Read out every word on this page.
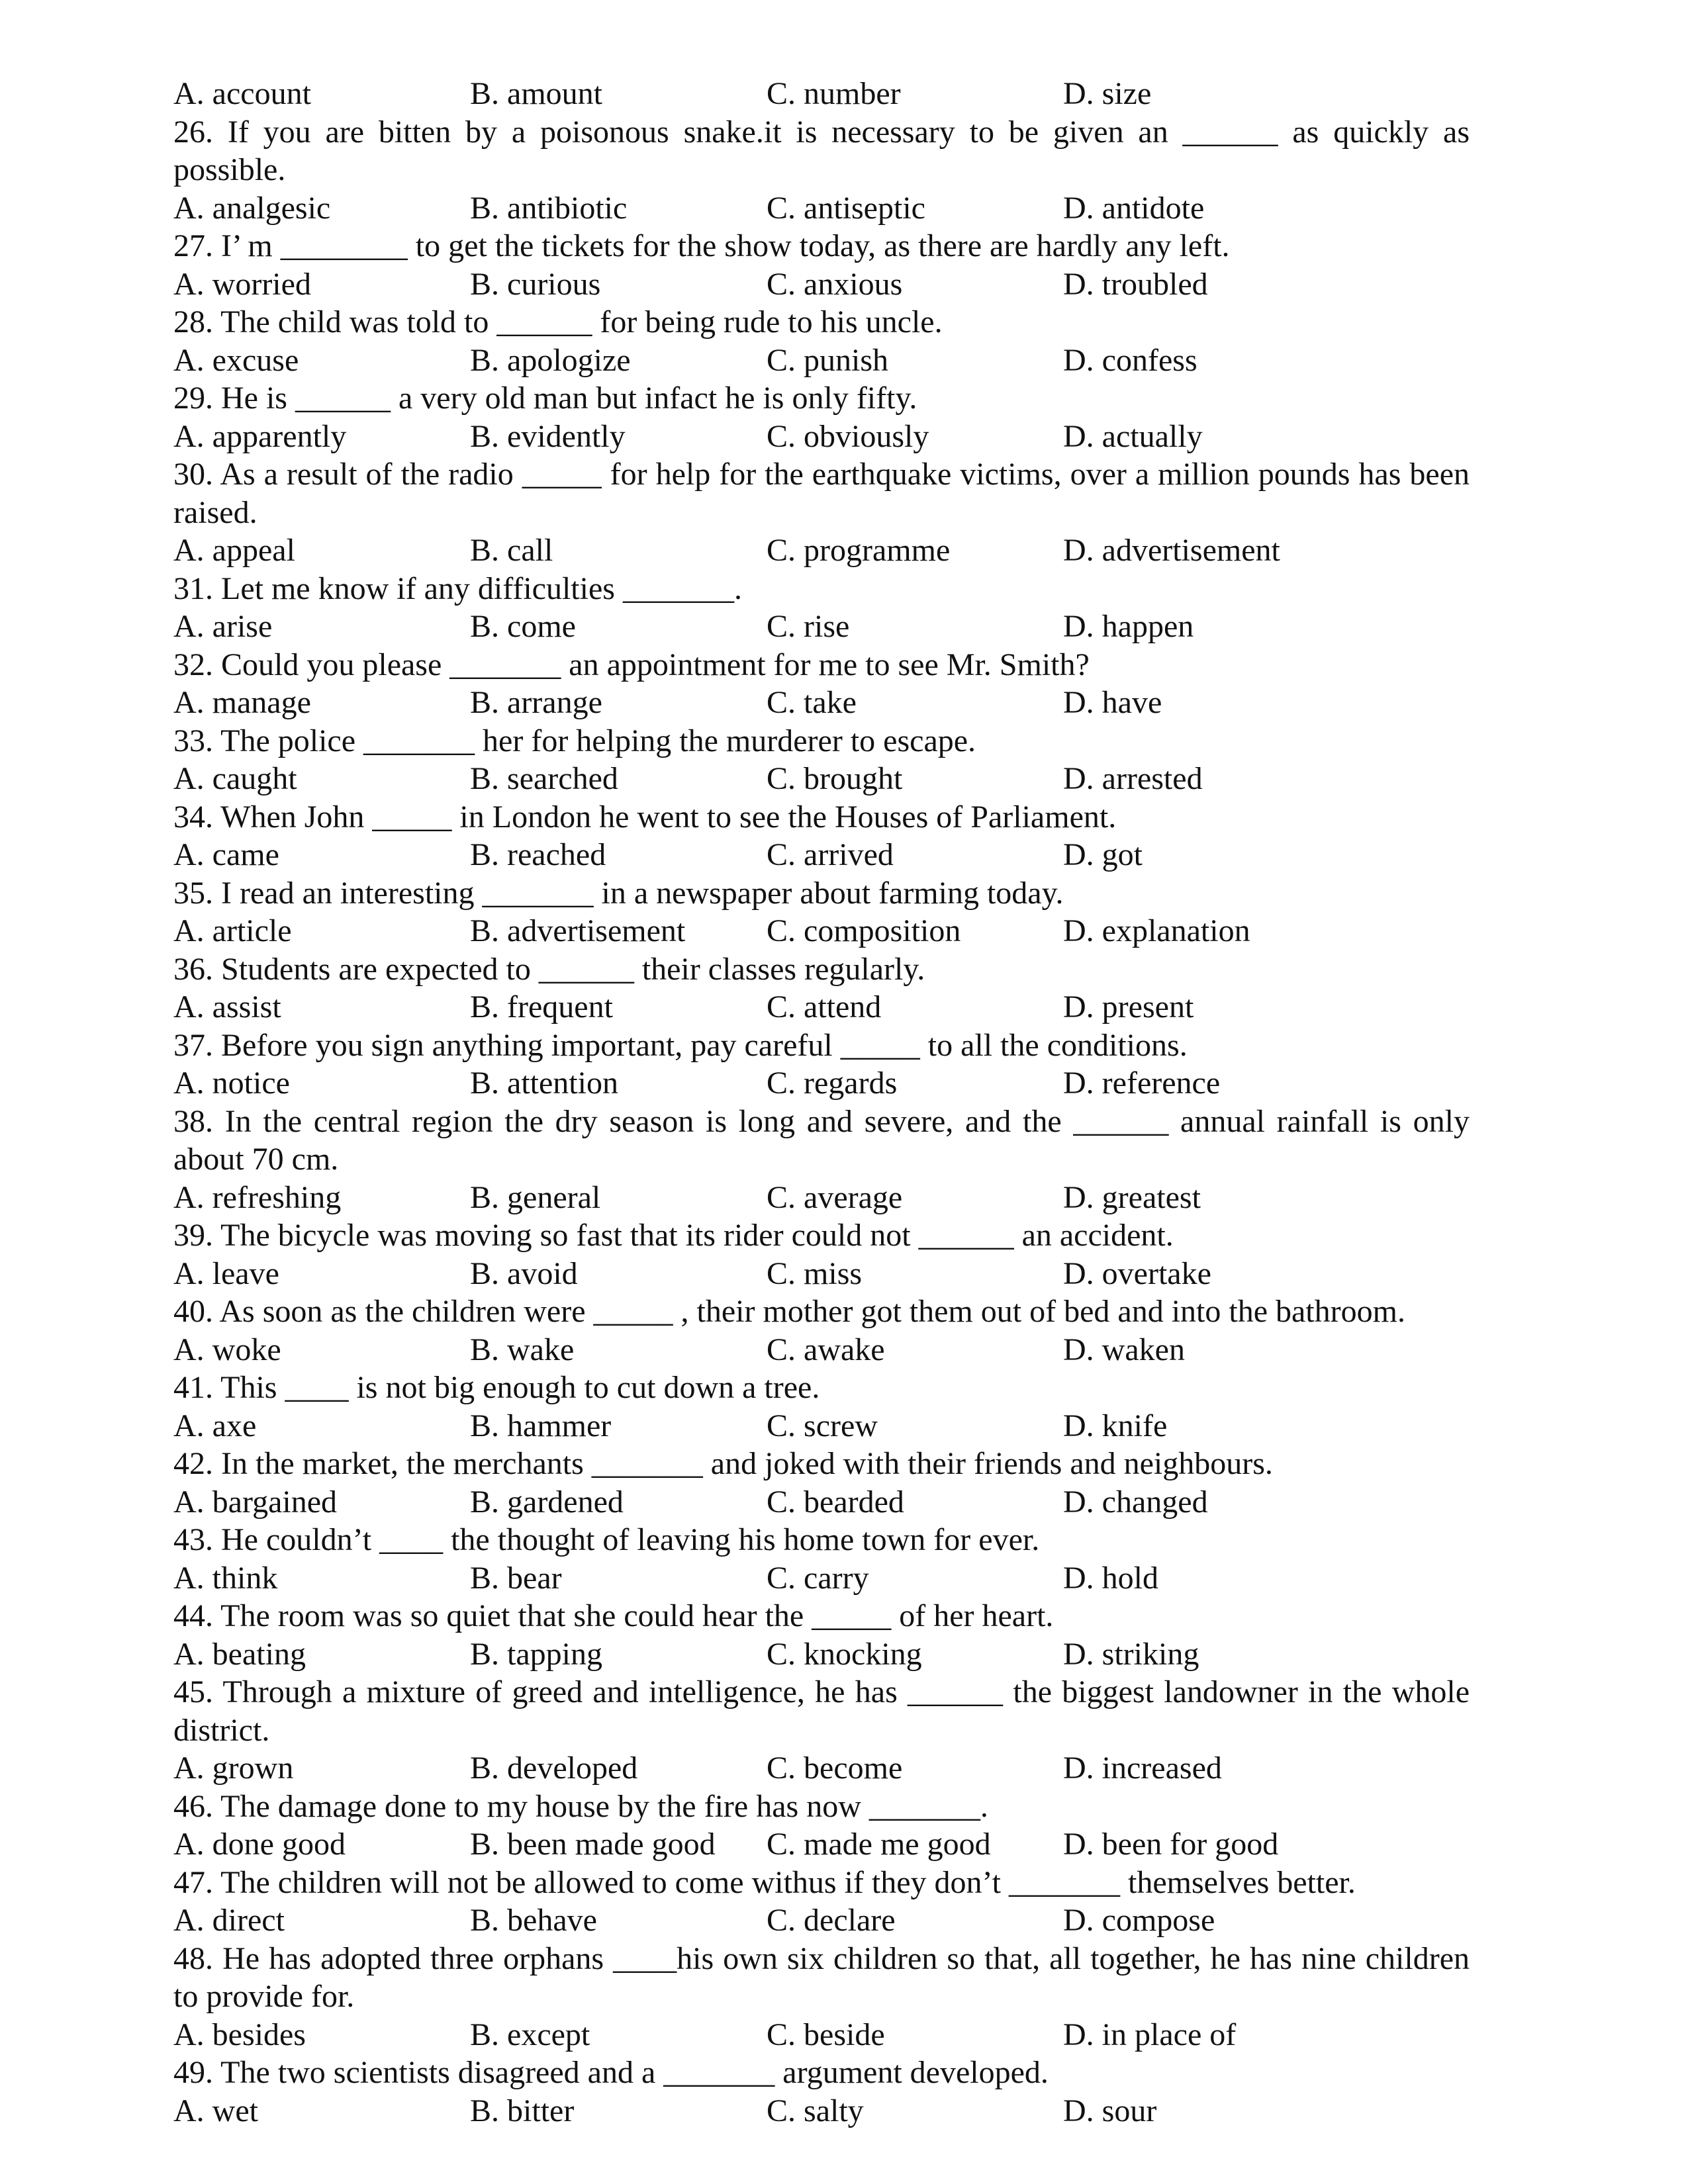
A. account	B. amount	C. number	D. size
26. If you are bitten by a poisonous snake.it is necessary to be given an ______ as quickly as possible.
A. analgesic	B. antibiotic	C. antiseptic	D. antidote
27. I’ m ________ to get the tickets for the show today, as there are hardly any left.
A. worried	B. curious	C. anxious	D. troubled
28. The child was told to ______ for being rude to his uncle.
A. excuse	B. apologize	C. punish	D. confess
29. He is ______ a very old man but infact he is only fifty.
A. apparently	B. evidently	C. obviously	D. actually
30. As a result of the radio _____ for help for the earthquake victims, over a million pounds has been raised.
A. appeal	B. call	C. programme	D. advertisement
31. Let me know if any difficulties _______.
A. arise	B. come	C. rise	D. happen
32. Could you please _______ an appointment for me to see Mr. Smith?
A. manage	B. arrange	C. take	D. have
33. The police _______ her for helping the murderer to escape.
A. caught	B. searched	C. brought	D. arrested
34. When John _____ in London he went to see the Houses of Parliament.
A. came	B. reached	C. arrived	D. got
35. I read an interesting _______ in a newspaper about farming today.
A. article	B. advertisement	C. composition	D. explanation
36. Students are expected to ______ their classes regularly.
A. assist	B. frequent	C. attend	D. present
37. Before you sign anything important, pay careful _____ to all the conditions.
A. notice	B. attention	C. regards	D. reference
38. In the central region the dry season is long and severe, and the ______ annual rainfall is only about 70 cm.
A. refreshing	B. general	C. average	D. greatest
39. The bicycle was moving so fast that its rider could not ______ an accident.
A. leave	B. avoid	C. miss	D. overtake
40. As soon as the children were _____ , their mother got them out of bed and into the bathroom.
A. woke	B. wake	C. awake	D. waken
41. This ____ is not big enough to cut down a tree.
A. axe	B. hammer	C. screw	D. knife
42. In the market, the merchants _______ and joked with their friends and neighbours.
A. bargained	B. gardened	C. bearded	D. changed
43. He couldn’t ____ the thought of leaving his home town for ever.
A. think	B. bear	C. carry	D. hold
44. The room was so quiet that she could hear the _____ of her heart.
A. beating	B. tapping	C. knocking	D. striking
45. Through a mixture of greed and intelligence, he has ______ the biggest landowner in the whole district.
A. grown	B. developed	C. become	D. increased
46. The damage done to my house by the fire has now _______.
A. done good	B. been made good	C. made me good	D. been for good
47. The children will not be allowed to come withus if they don’t _______ themselves better.
A. direct	B. behave	C. declare	D. compose
48. He has adopted three orphans ____his own six children so that, all together, he has nine children to provide for.
A. besides	B. except	C. beside	D. in place of
49. The two scientists disagreed and a _______ argument developed.
A. wet	B. bitter	C. salty	D. sour
